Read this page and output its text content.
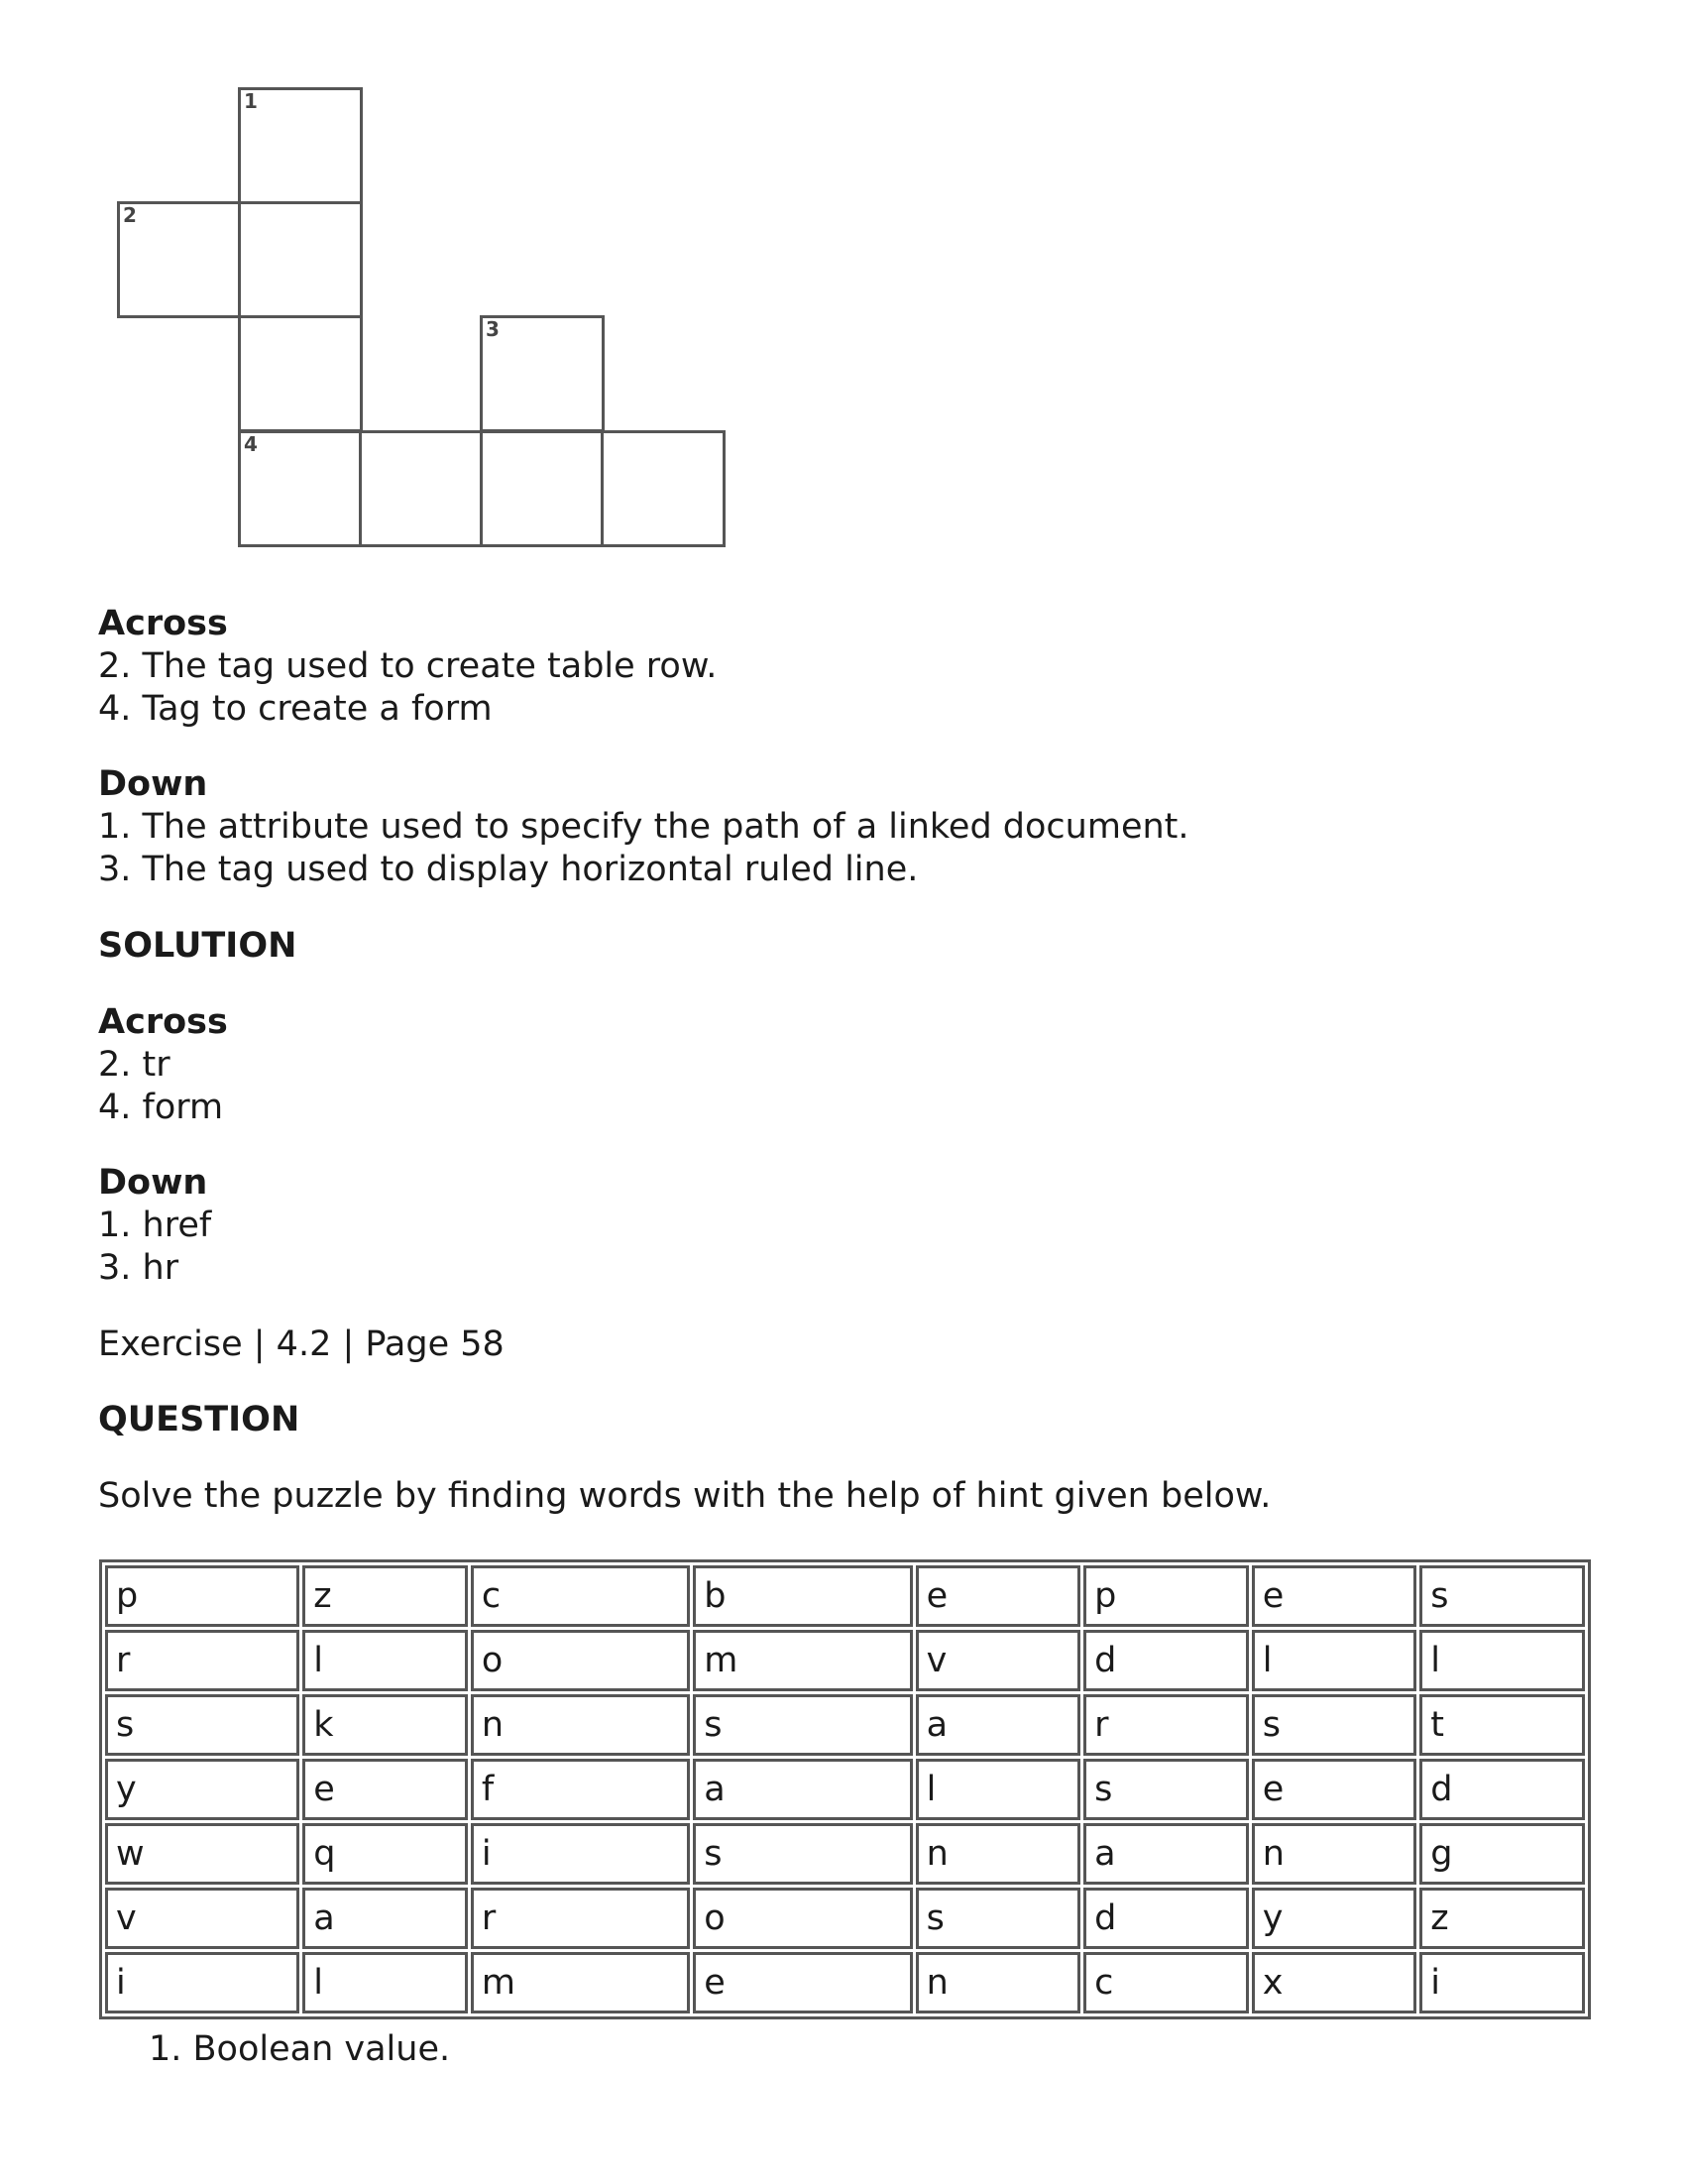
1
2
3
4
Across
2. The tag used to create table row.
4. Tag to create a form
Down
1. The attribute used to specify the path of a linked document.
3. The tag used to display horizontal ruled line.
SOLUTION
Across
2. tr
4. form
Down
1. href
3. hr
Exercise | 4.2 | Page 58
QUESTION
Solve the puzzle by finding words with the help of hint given below.
p	z	c	b	e	p	e	s
r	l	o	m	v	d	l	l
s	k	n	s	a	r	s	t
y	e	f	a	l	s	e	d
w	q	i	s	n	a	n	g
v	a	r	o	s	d	y	z
i	l	m	e	n	c	x	i
1. Boolean value.
